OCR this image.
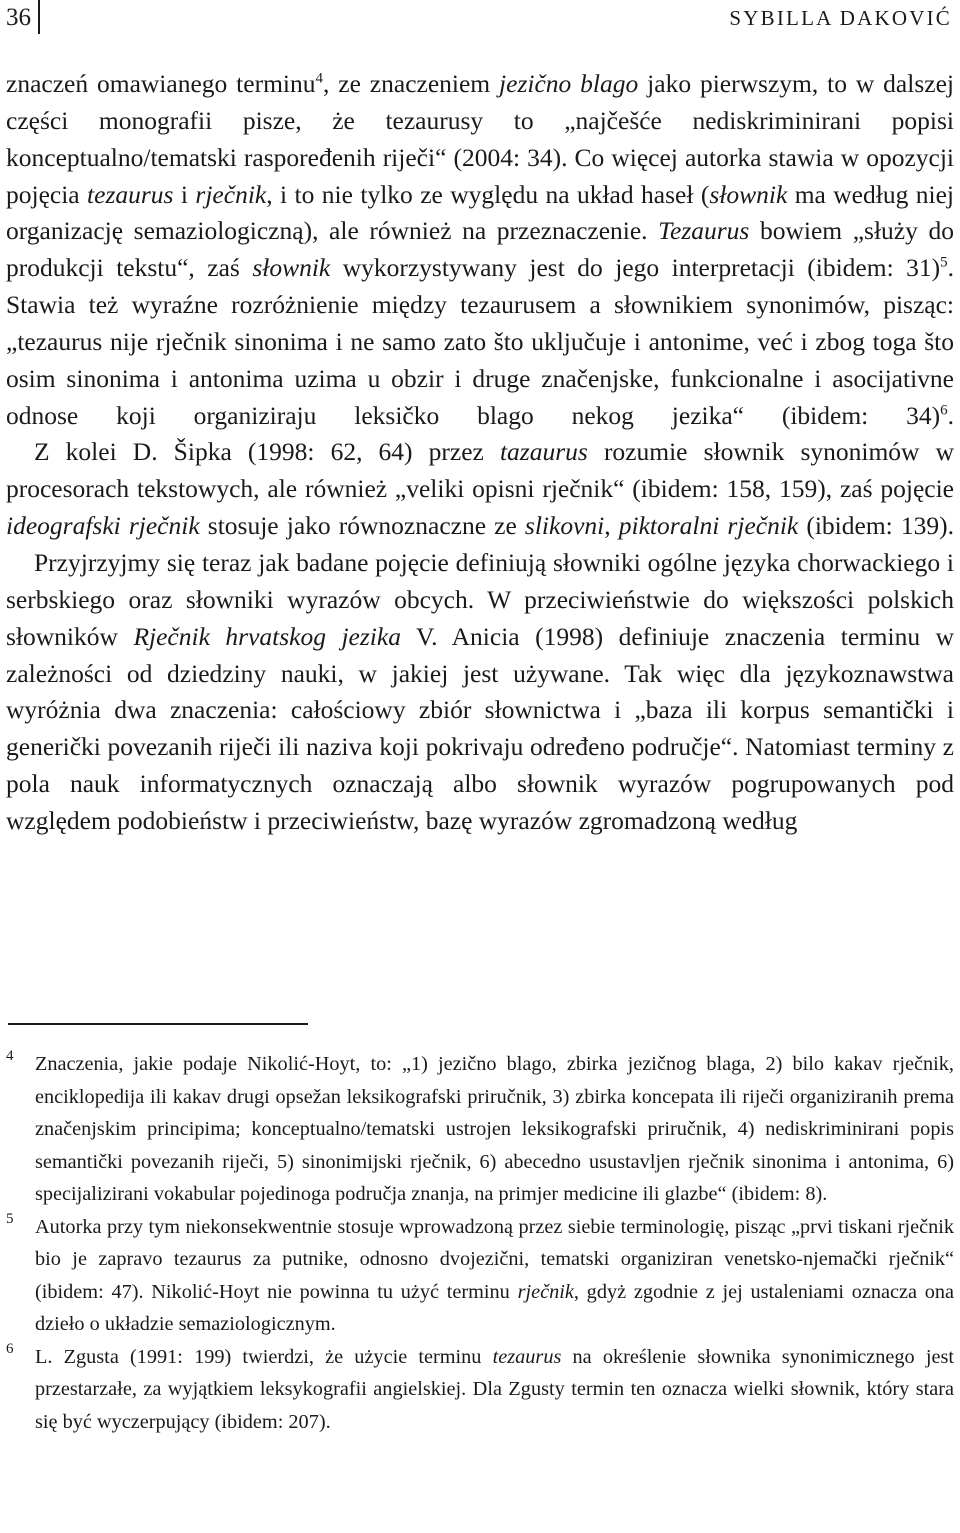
36	SYBILLA DAKOVIĆ

znaczeń omawianego terminu$^4$, ze znaczeniem jezično blago jako pierwszym, to w dalszej części monografii pisze, że tezaurusy to „najčešće nediskriminirani popisi konceptualno/tematski raspoređenih riječi“ (2004: 34). Co więcej autorka stawia w opozycji pojęcia tezaurus i rječnik, i to nie tylko ze wyględu na układ haseł (słownik ma według niej organizację semaziologiczną), ale również na przeznaczenie. Tezaurus bowiem „służy do produkcji tekstu“, zaś słownik wykorzystywany jest do jego interpretacji (ibidem: 31)$^5$. Stawia też wyraźne rozróżnienie między tezaurusem a słownikiem synonimów, pisząc: „tezaurus nije rječnik sinonima i ne samo zato što uključuje i antonime, već i zbog toga što osim sinonima i antonima uzima u obzir i druge značenjske, funkcionalne i asocijativne odnose koji organiziraju leksičko blago nekog jezika“ (ibidem: 34)$^6$.

Z kolei D. Šipka (1998: 62, 64) przez tazaurus rozumie słownik synonimów w procesorach tekstowych, ale również „veliki opisni rječnik“ (ibidem: 158, 159), zaś pojęcie ideografski rječnik stosuje jako równoznaczne ze slikovni, piktoralni rječnik (ibidem: 139).

Przyjrzyjmy się teraz jak badane pojęcie definiują słowniki ogólne języka chorwackiego i serbskiego oraz słowniki wyrazów obcych. W przeciwieństwie do większości polskich słowników Rječnik hrvatskog jezika V. Anicia (1998) definiuje znaczenia terminu w zależności od dziedziny nauki, w jakiej jest używane. Tak więc dla językoznawstwa wyróżnia dwa znaczenia: całościowy zbiór słownictwa i „baza ili korpus semantički i generički povezanih riječi ili naziva koji pokrivaju određeno područje“. Natomiast terminy z pola nauk informatycznych oznaczają albo słownik wyrazów pogrupowanych pod względem podobieństw i przeciwieństw, bazę wyrazów zgromadzoną według

4 Znaczenia, jakie podaje Nikolić-Hoyt, to: „1) jezično blago, zbirka jezičnog blaga, 2) bilo kakav rječnik, enciklopedija ili kakav drugi opsežan leksikografski priručnik, 3) zbirka koncepata ili riječi organiziranih prema značenjskim principima; konceptualno/tematski ustrojen leksikografski priručnik, 4) nediskriminirani popis semantički povezanih riječi, 5) sinonimijski rječnik, 6) abecedno usustavljen rječnik sinonima i antonima, 6) specijalizirani vokabular pojedinoga područja znanja, na primjer medicine ili glazbe“ (ibidem: 8).
5 Autorka przy tym niekonsekwentnie stosuje wprowadzoną przez siebie terminologię, pisząc „prvi tiskani rječnik bio je zapravo tezaurus za putnike, odnosno dvojezični, tematski organiziran venetsko-njemački rječnik“ (ibidem: 47). Nikolić-Hoyt nie powinna tu użyć terminu rječnik, gdyż zgodnie z jej ustaleniami oznacza ona dzieło o układzie semaziologicznym.
6 L. Zgusta (1991: 199) twierdzi, że użycie terminu tezaurus na określenie słownika synonimicznego jest przestarzałe, za wyjątkiem leksykografii angielskiej. Dla Zgusty termin ten oznacza wielki słownik, który stara się być wyczerpujący (ibidem: 207).
